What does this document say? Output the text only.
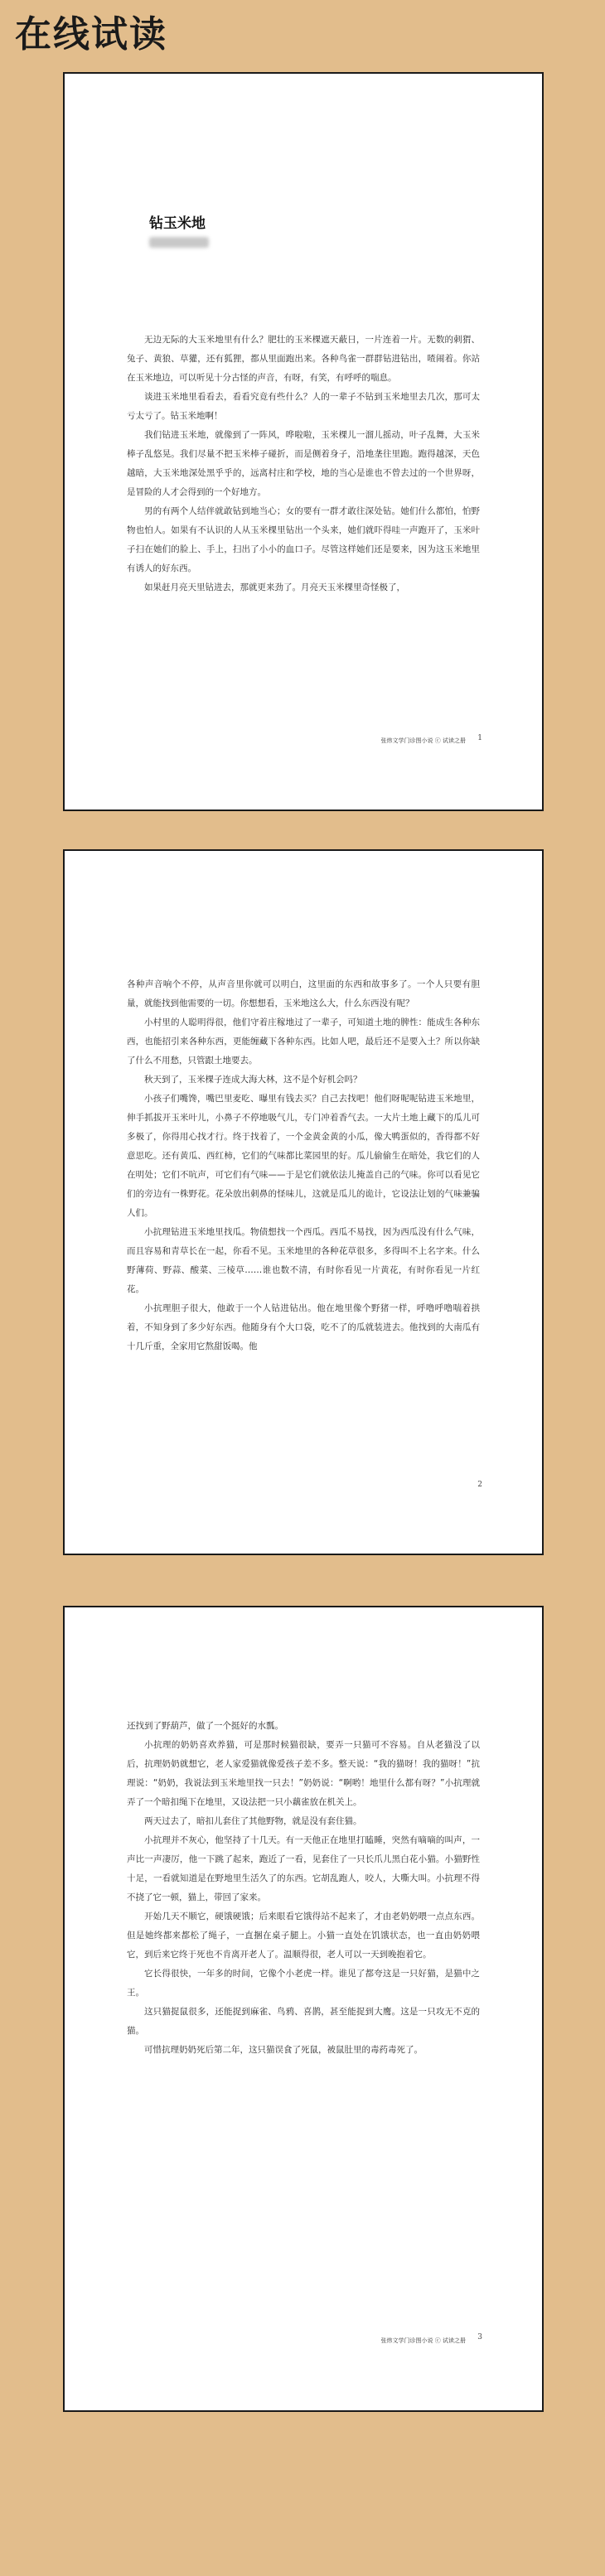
在线试读
钻玉米地

无边无际的大玉米地里有什么？肥壮的玉米棵遮天蔽日，一片连着一片。无数的刺猬、兔子、黄狼、草獾，还有狐狸，都从里面跑出来。各种鸟雀一群群钻进钻出，喳闹着。你站在玉米地边，可以听见十分古怪的声音，有呀，有笑，有呼呼的喘息。

谈进玉米地里看看去，看看究竟有些什么？人的一辈子不钻到玉米地里去几次，那可太亏太亏了。钻玉米地啊！

我们钻进玉米地，就像到了一阵风，哗啦啦，玉米棵儿一溜儿摇动，叶子乱舞，大玉米棒子乱悠晃。我们尽量不把玉米棒子碰折，而是侧着身子，沿地垄往里跑。跑得越深，天色越暗，大玉米地深处黑乎乎的，远离村庄和学校，地的当心是谁也不曾去过的一个世界呀，是冒险的人才会得到的一个好地方。

男的有两个人结伴就敢钻到地当心；女的要有一群才敢往深处钻。她们什么都怕，怕野物也怕人。如果有不认识的人从玉米棵里钻出一个头来，她们就吓得哇一声跑开了，玉米叶子扫在她们的脸上、手上，扫出了小小的血口子。尽管这样她们还是要来，因为这玉米地里有诱人的好东西。

如果赶月亮天里钻进去，那就更来劲了。月亮天玉米棵里奇怪极了，

张炜文学门诊图小说 ⓒ 试读之册 1

各种声音响个不停，从声音里你就可以明白，这里面的东西和故事多了。一个人只要有胆量，就能找到他需要的一切。你想想看，玉米地这么大，什么东西没有呢？

小村里的人聪明得很，他们守着庄稼地过了一辈子，可知道土地的脾性：能成生各种东西，也能招引来各种东西，更能缠藏下各种东西。比如人吧，最后还不是要入土？所以你缺了什么不用愁，只管跟土地要去。

秋天到了，玉米棵子连成大海大林，这不是个好机会吗？

小孩子们嘴馋，嘴巴里麦吃、曝里有钱去买？自己去找吧！他们呀呢呢钻进玉米地里，伸手抓拔开玉米叶儿，小鼻子不停地吸气儿，专门冲着香气去。一大片土地上藏下的瓜儿可多极了，你得用心找才行。终于找着了，一个金黄金黄的小瓜，像大鸭蛋似的，香得都不好意思吃。还有黄瓜、西红柿，它们的气味都比菜园里的好。瓜儿偷偷生在暗处，我它们的人在明处；它们不吭声，可它们有气味——于是它们就依法儿掩盖自己的气味。你可以看见它们的旁边有一株野花。花朵放出刺鼻的怪味儿，这就是瓜儿的诡计，它设法让划的气味兼骗人们。

小抗理钻进玉米地里找瓜。物债想找一个西瓜。西瓜不易找，因为西瓜没有什么气味，而且容易和青草长在一起，你看不见。玉米地里的各种花草很多，多得叫不上名字来。什么野薄荷、野蒜、酸菜、三棱草……谁也数不清，有时你看见一片黄花，有时你看见一片红花。

小抗理胆子很大，他敢于一个人钻进钻出。他在地里像个野猪一样，呼噜呼噜喘着拱着，不知身到了多少好东西。他随身有个大口袋，吃不了的瓜就装进去。他找到的大南瓜有十几斤重，全家用它熬甜饭喝。他

2

还找到了野葫芦，做了一个挺好的水瓢。

小抗理的奶奶喜欢养猫，可是那时候猫很缺，要弄一只猫可不容易。自从老猫没了以后，抗理奶奶就想它，老人家爱猫就像爱孩子差不多。整天说：“我的猫呀！我的猫呀！”抗理说：“奶奶，我说法到玉米地里找一只去！”奶奶说：“啊哟！地里什么都有呀？”小抗理就弄了一个暗扣绳下在地里，又设法把一只小藕雀放在机关上。

两天过去了，暗扣儿套住了其他野物，就是没有套住猫。

小抗理并不灰心，他坚持了十几天。有一天他正在地里打瞌睡，突然有嘀嘀的叫声，一声比一声凄厉，他一下跳了起来，跑近了一看，见套住了一只长爪儿黑白花小猫。小猫野性十足，一看就知道是在野地里生活久了的东西。它胡乱跑人，咬人，大嘶大叫。小抗理不得不挠了它一顿，猫上，带回了家来。

开始几天不顺它，硬饿硬饿；后来眼看它饿得站不起来了，才由老奶奶喂一点点东西。但是她终都来都松了绳子，一直捆在桌子腿上。小猫一直处在饥饿状态，也一直由奶奶喂它，到后来它终于死也不肯离开老人了。温顺得很，老人可以一天到晚抱着它。

它长得很快，一年多的时间，它像个小老虎一样。谁见了都夸这是一只好猫，是猫中之王。

这只猫捉鼠很多，还能捉到麻雀、鸟鸦、喜鹊，甚至能捉到大鹰。这是一只攻无不克的猫。

可惜抗理奶奶死后第二年，这只猫误食了死鼠，被鼠肚里的毒药毒死了。

张炜文学门诊图小说 ⓒ 试读之册 3
